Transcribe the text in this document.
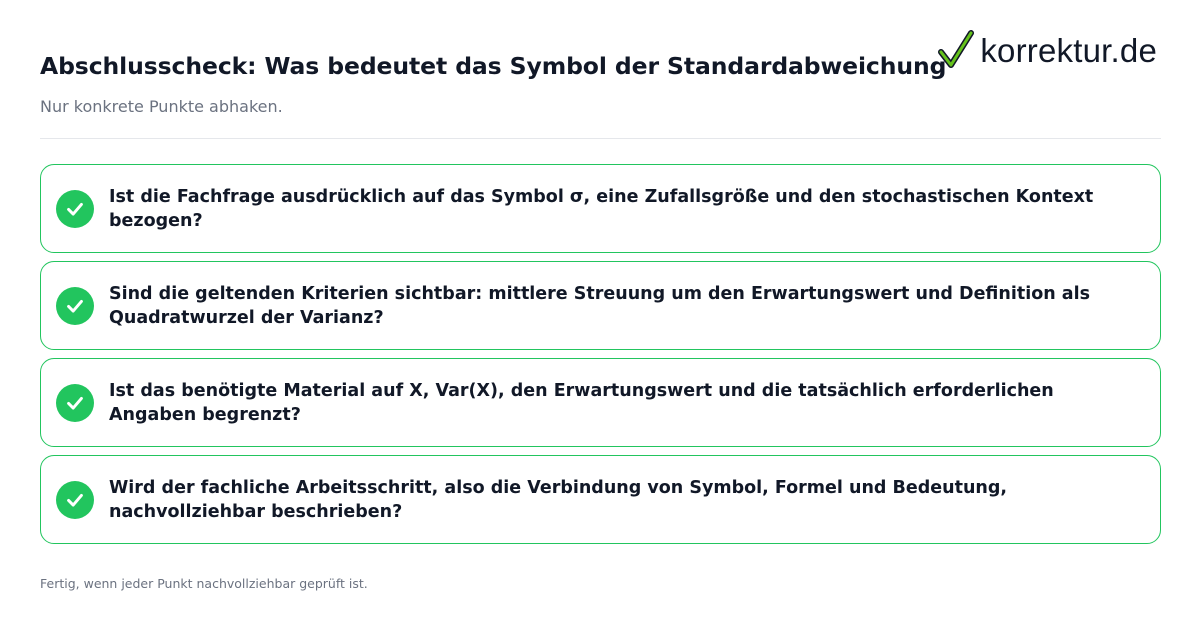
Abschlusscheck: Was bedeutet das Symbol der Standardabweichung
Nur konkrete Punkte abhaken.
korrektur.de
Ist die Fachfrage ausdrücklich auf das Symbol σ, eine Zufallsgröße und den stochastischen Kontext bezogen?
Sind die geltenden Kriterien sichtbar: mittlere Streuung um den Erwartungswert und Definition als Quadratwurzel der Varianz?
Ist das benötigte Material auf X, Var(X), den Erwartungswert und die tatsächlich erforderlichen Angaben begrenzt?
Wird der fachliche Arbeitsschritt, also die Verbindung von Symbol, Formel und Bedeutung, nachvollziehbar beschrieben?
Fertig, wenn jeder Punkt nachvollziehbar geprüft ist.
